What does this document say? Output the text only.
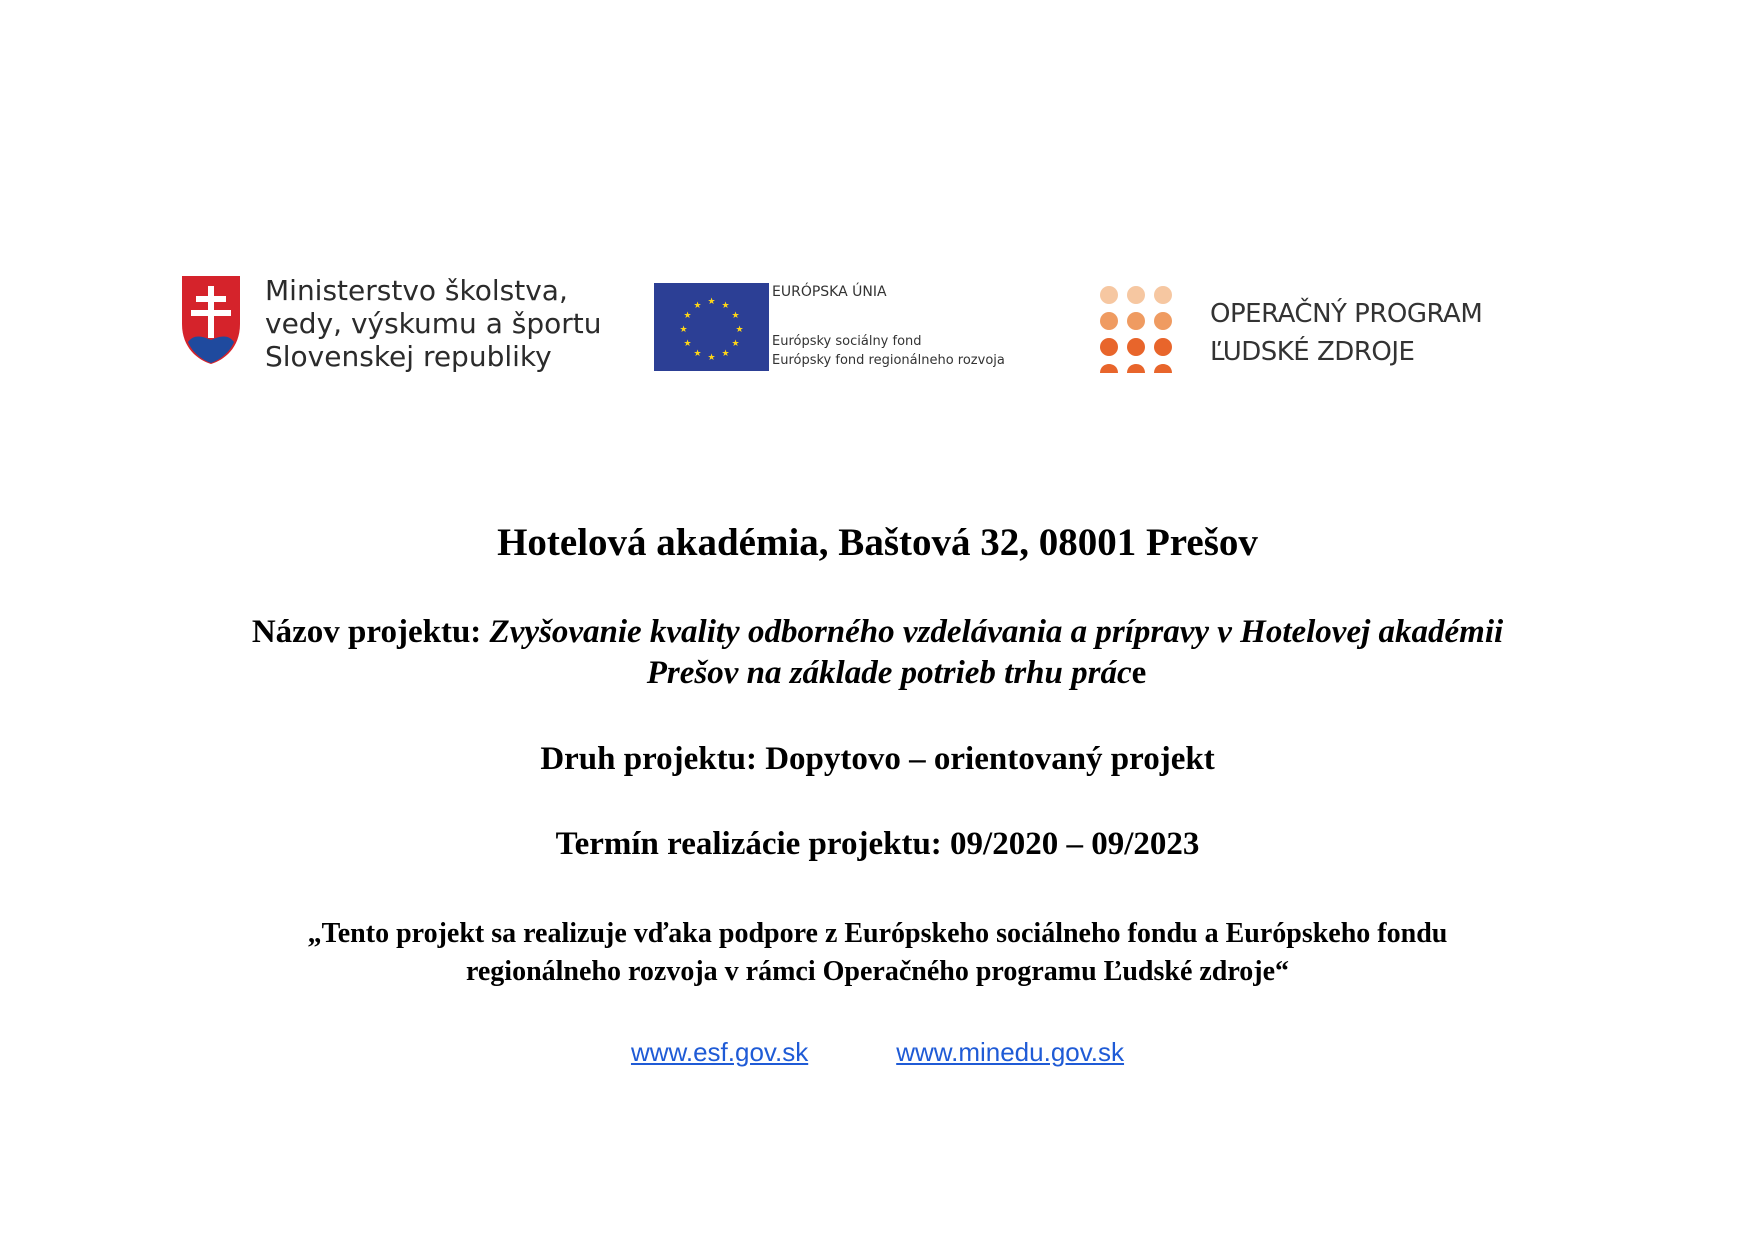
Ministerstvo školstva,
vedy, výskumu a športu
Slovenskej republiky
★ ★
★
★
★
★
★
★
★
★
★
★
EURÓPSKA ÚNIA
Európsky sociálny fond
Európsky fond regionálneho rozvoja
OPERAČNÝ PROGRAM
ĽUDSKÉ ZDROJE
Hotelová akadémia, Baštová 32, 08001 Prešov
Názov projektu: Zvyšovanie kvality odborného vzdelávania a prípravy v Hotelovej akadémii
Prešov na základe potrieb trhu práce
Druh projektu: Dopytovo – orientovaný projekt
Termín realizácie projektu: 09/2020 – 09/2023
„Tento projekt sa realizuje vďaka podpore z Európskeho sociálneho fondu a Európskeho fondu
regionálneho rozvoja v rámci Operačného programu Ľudské zdroje“
www.esf.gov.sk	www.minedu.gov.sk
